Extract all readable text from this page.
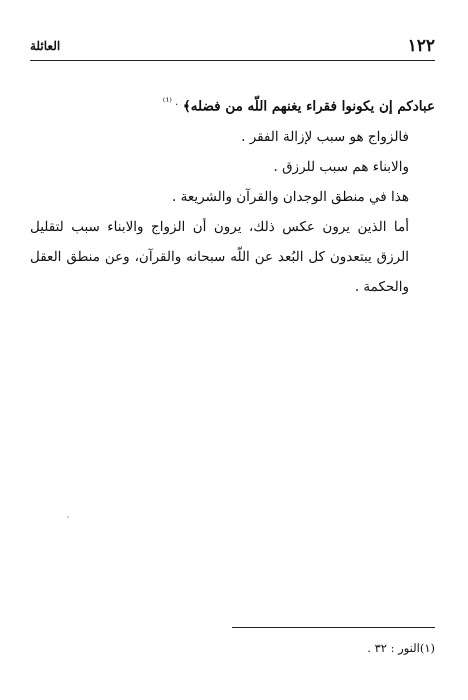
١٢٢
العائلة

عبادكم إن يكونوا فقراء يغنهم اللّه من فضله﴾ $^{. ^{(1)}}$

فالزواج هو سبب لإزالة الفقر .

والابناء هم سبب للرزق .

هذا في منطق الوجدان والقرآن والشريعة .

أما الذين يرون عكس ذلك، يرون أن الزواج والابناء سبب لتقليل الرزق يبتعدون كل البُعد عن اللّه سبحانه والقرآن، وعن منطق العقل والحكمة .

(١)النور : ٣٢ .
